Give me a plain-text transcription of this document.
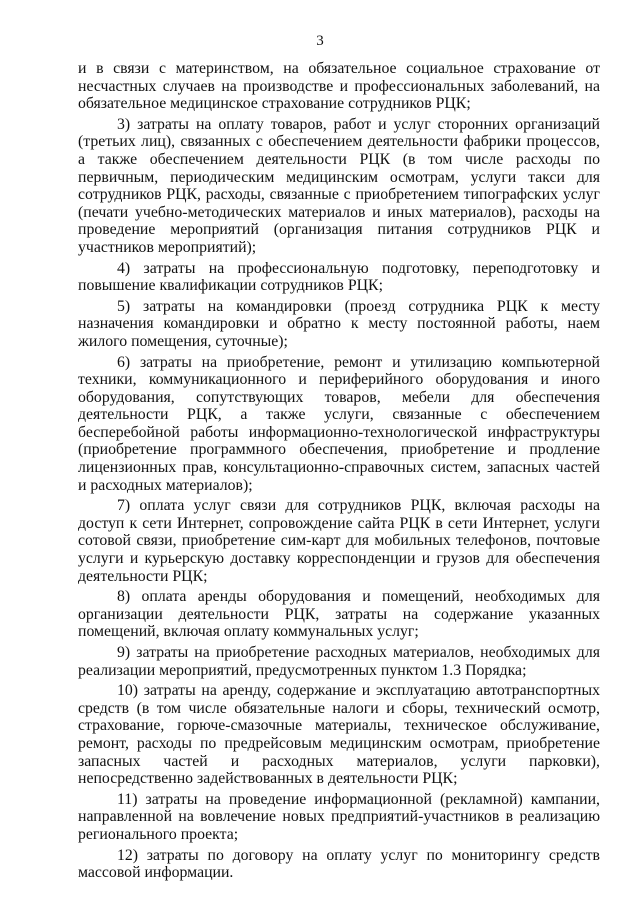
3

и в связи с материнством, на обязательное социальное страхование от несчастных случаев на производстве и профессиональных заболеваний, на обязательное медицинское страхование сотрудников РЦК;

3) затраты на оплату товаров, работ и услуг сторонних организаций (третьих лиц), связанных с обеспечением деятельности фабрики процессов, а также обеспечением деятельности РЦК (в том числе расходы по первичным, периодическим медицинским осмотрам, услуги такси для сотрудников РЦК, расходы, связанные с приобретением типографских услуг (печати учебно-методических материалов и иных материалов), расходы на проведение мероприятий (организация питания сотрудников РЦК и участников мероприятий);

4) затраты на профессиональную подготовку, переподготовку и повышение квалификации сотрудников РЦК;

5) затраты на командировки (проезд сотрудника РЦК к месту назначения командировки и обратно к месту постоянной работы, наем жилого помещения, суточные);

6) затраты на приобретение, ремонт и утилизацию компьютерной техники, коммуникационного и периферийного оборудования и иного оборудования, сопутствующих товаров, мебели для обеспечения деятельности РЦК, а также услуги, связанные с обеспечением бесперебойной работы информационно-технологической инфраструктуры (приобретение программного обеспечения, приобретение и продление лицензионных прав, консультационно-справочных систем, запасных частей и расходных материалов);

7) оплата услуг связи для сотрудников РЦК, включая расходы на доступ к сети Интернет, сопровождение сайта РЦК в сети Интернет, услуги сотовой связи, приобретение сим-карт для мобильных телефонов, почтовые услуги и курьерскую доставку корреспонденции и грузов для обеспечения деятельности РЦК;

8) оплата аренды оборудования и помещений, необходимых для организации деятельности РЦК, затраты на содержание указанных помещений, включая оплату коммунальных услуг;

9) затраты на приобретение расходных материалов, необходимых для реализации мероприятий, предусмотренных пунктом 1.3 Порядка;

10) затраты на аренду, содержание и эксплуатацию автотранспортных средств (в том числе обязательные налоги и сборы, технический осмотр, страхование, горюче-смазочные материалы, техническое обслуживание, ремонт, расходы по предрейсовым медицинским осмотрам, приобретение запасных частей и расходных материалов, услуги парковки), непосредственно задействованных в деятельности РЦК;

11) затраты на проведение информационной (рекламной) кампании, направленной на вовлечение новых предприятий-участников в реализацию регионального проекта;

12) затраты по договору на оплату услуг по мониторингу средств массовой информации.
